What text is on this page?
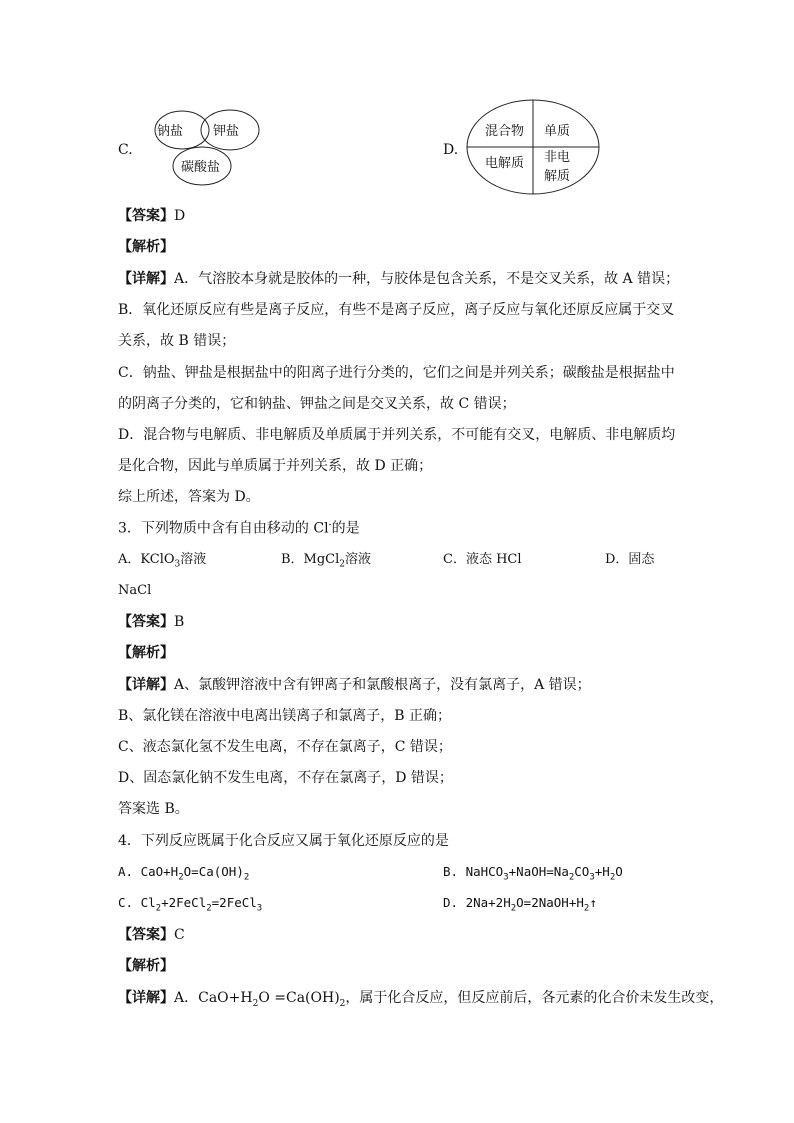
C.
钠盐 钾盐
碳酸盐
D.
混合物 单质
电解质 非电
解质
【答案】D
【解析】
【详解】A．气溶胶本身就是胶体的一种，与胶体是包含关系，不是交叉关系，故 A 错误；
B．氧化还原反应有些是离子反应，有些不是离子反应，离子反应与氧化还原反应属于交叉
关系，故 B 错误；
C．钠盐、钾盐是根据盐中的阳离子进行分类的，它们之间是并列关系；碳酸盐是根据盐中
的阴离子分类的，它和钠盐、钾盐之间是交叉关系，故 C 错误；
D．混合物与电解质、非电解质及单质属于并列关系，不可能有交叉，电解质、非电解质均
是化合物，因此与单质属于并列关系，故 D 正确；
综上所述，答案为 D。
3．下列物质中含有自由移动的 Cl-的是
A．KClO$_3$溶液	B．MgCl$_2$溶液	C．液态 HCl	D．固态
NaCl
【答案】B
【解析】
【详解】A、氯酸钾溶液中含有钾离子和氯酸根离子，没有氯离子，A 错误；
B、氯化镁在溶液中电离出镁离子和氯离子，B 正确；
C、液态氯化氢不发生电离，不存在氯离子，C 错误；
D、固态氯化钠不发生电离，不存在氯离子，D 错误；
答案选 B。
4．下列反应既属于化合反应又属于氧化还原反应的是
A. $CaO+H_2O=Ca(OH)_2$	B. $NaHCO_3+NaOH=Na_2CO_3+H_2O$
C. $Cl_2+2FeCl_2=2FeCl_3$	D. $2Na+2H_2O=2NaOH+H_2↑$
【答案】C
【解析】
【详解】A．$CaO+H_2O =Ca(OH)_2$，属于化合反应，但反应前后，各元素的化合价未发生改变，
